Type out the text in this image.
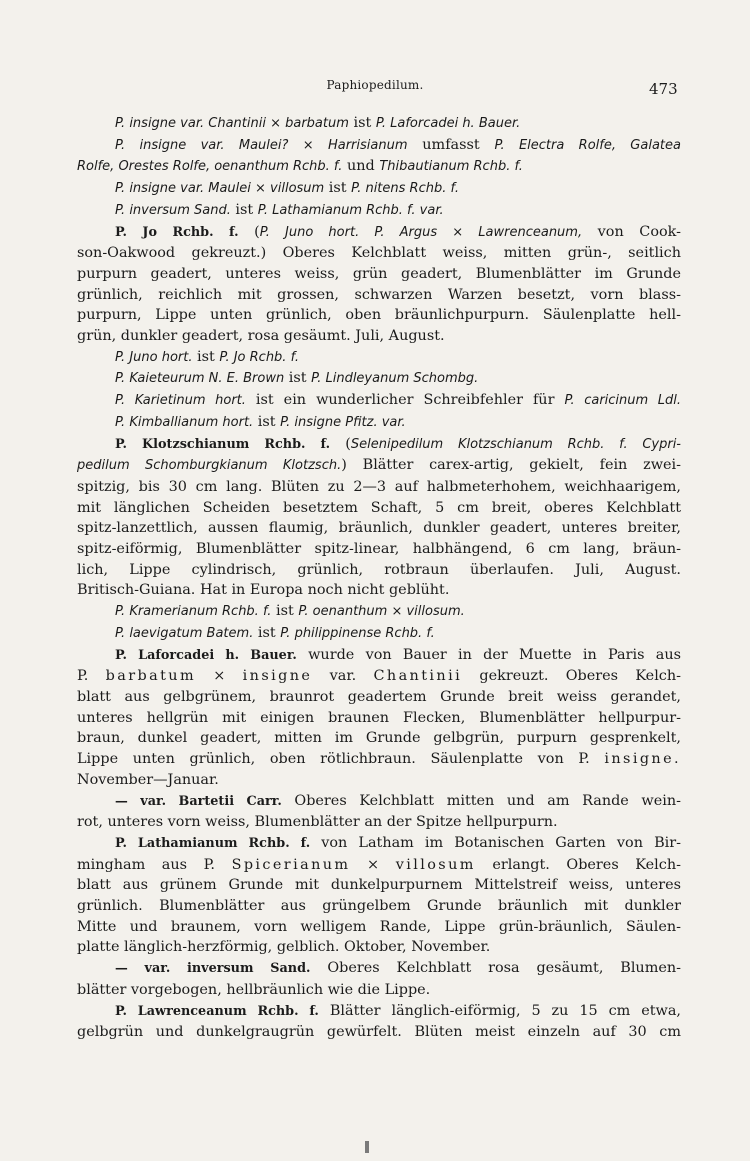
Paphiopedilum.	473
P. insigne var. Chantinii ⨯ barbatum ist P. Laforcadei h. Bauer.
P. insigne var. Maulei? ⨯ Harrisianum umfasst P. Electra Rolfe, Galatea
Rolfe, Orestes Rolfe, oenanthum Rchb. f. und Thibautianum Rchb. f.
P. insigne var. Maulei ⨯ villosum ist P. nitens Rchb. f.
P. inversum Sand. ist P. Lathamianum Rchb. f. var.
P. Jo Rchb. f. (P. Juno hort. P. Argus ⨯ Lawrenceanum, von Cook-
son-Oakwood gekreuzt.) Oberes Kelchblatt weiss, mitten grün-, seitlich
purpurn geadert, unteres weiss, grün geadert, Blumenblätter im Grunde
grünlich, reichlich mit grossen, schwarzen Warzen besetzt, vorn blass-
purpurn, Lippe unten grünlich, oben bräunlichpurpurn. Säulenplatte hell-
grün, dunkler geadert, rosa gesäumt. Juli, August.
P. Juno hort. ist P. Jo Rchb. f.
P. Kaieteurum N. E. Brown ist P. Lindleyanum Schombg.
P. Karietinum hort. ist ein wunderlicher Schreibfehler für P. caricinum Ldl.
P. Kimballianum hort. ist P. insigne Pfitz. var.
P. Klotzschianum Rchb. f. (Selenipedilum Klotzschianum Rchb. f. Cypri-
pedilum Schomburgkianum Klotzsch.) Blätter carex-artig, gekielt, fein zwei-
spitzig, bis 30 cm lang. Blüten zu 2—3 auf halbmeterhohem, weichhaarigem,
mit länglichen Scheiden besetztem Schaft, 5 cm breit, oberes Kelchblatt
spitz-lanzettlich, aussen flaumig, bräunlich, dunkler geadert, unteres breiter,
spitz-eiförmig, Blumenblätter spitz-linear, halbhängend, 6 cm lang, bräun-
lich, Lippe cylindrisch, grünlich, rotbraun überlaufen. Juli, August.
Britisch-Guiana. Hat in Europa noch nicht geblüht.
P. Kramerianum Rchb. f. ist P. oenanthum ⨯ villosum.
P. laevigatum Batem. ist P. philippinense Rchb. f.
P. Laforcadei h. Bauer. wurde von Bauer in der Muette in Paris aus
P. barbatum ⨯ insigne var. Chantinii gekreuzt. Oberes Kelch-
blatt aus gelbgrünem, braunrot geadertem Grunde breit weiss gerandet,
unteres hellgrün mit einigen braunen Flecken, Blumenblätter hellpurpur-
braun, dunkel geadert, mitten im Grunde gelbgrün, purpurn gesprenkelt,
Lippe unten grünlich, oben rötlichbraun. Säulenplatte von P. insigne.
November—Januar.
— var. Bartetii Carr. Oberes Kelchblatt mitten und am Rande wein-
rot, unteres vorn weiss, Blumenblätter an der Spitze hellpurpurn.
P. Lathamianum Rchb. f. von Latham im Botanischen Garten von Bir-
mingham aus P. Spicerianum ⨯ villosum erlangt. Oberes Kelch-
blatt aus grünem Grunde mit dunkelpurpurnem Mittelstreif weiss, unteres
grünlich. Blumenblätter aus grüngelbem Grunde bräunlich mit dunkler
Mitte und braunem, vorn welligem Rande, Lippe grün-bräunlich, Säulen-
platte länglich-herzförmig, gelblich. Oktober, November.
— var. inversum Sand. Oberes Kelchblatt rosa gesäumt, Blumen-
blätter vorgebogen, hellbräunlich wie die Lippe.
P. Lawrenceanum Rchb. f. Blätter länglich-eiförmig, 5 zu 15 cm etwa,
gelbgrün und dunkelgraugrün gewürfelt. Blüten meist einzeln auf 30 cm
